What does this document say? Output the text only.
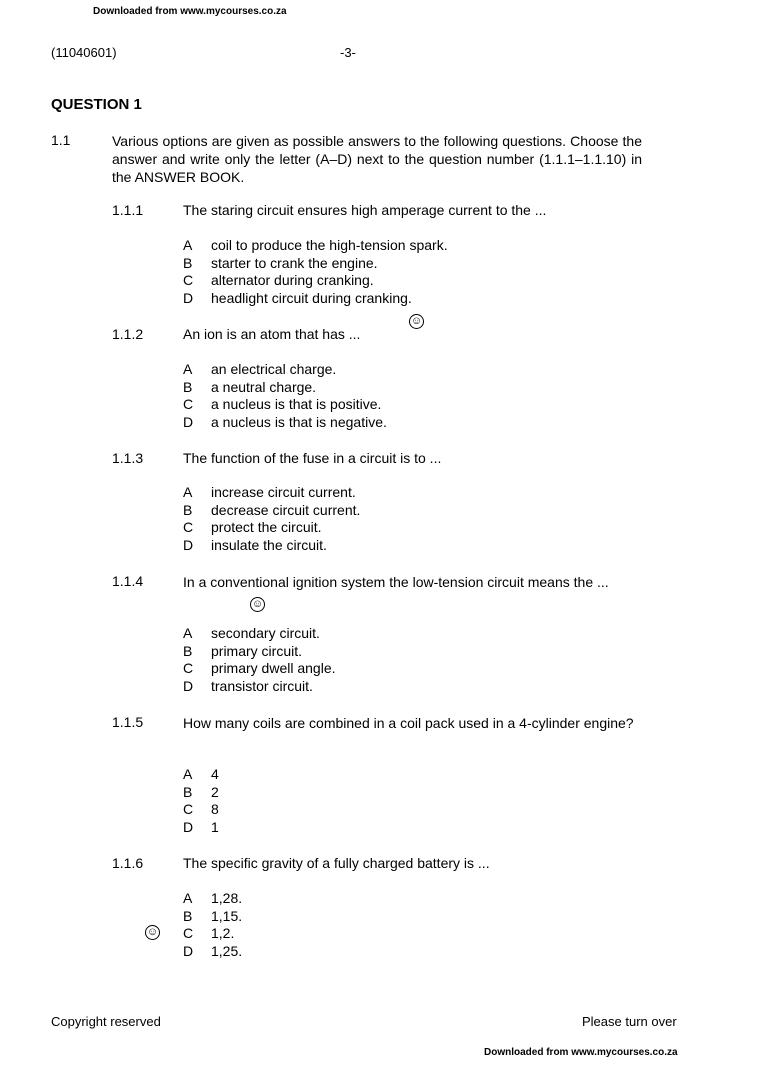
Downloaded from www.mycourses.co.za
(11040601)	-3-
QUESTION 1
1.1	Various options are given as possible answers to the following questions. Choose the answer and write only the letter (A–D) next to the question number (1.1.1–1.1.10) in the ANSWER BOOK.
1.1.1	The staring circuit ensures high amperage current to the ...
A	coil to produce the high-tension spark.
B	starter to crank the engine.
C	alternator during cranking.
D	headlight circuit during cranking.
1.1.2	An ion is an atom that has ...
☺
A	an electrical charge.
B	a neutral charge.
C	a nucleus is that is positive.
D	a nucleus is that is negative.
1.1.3	The function of the fuse in a circuit is to ...
A	increase circuit current.
B	decrease circuit current.
C	protect the circuit.
D	insulate the circuit.
1.1.4	In a conventional ignition system the low-tension circuit means the ...
☺
A	secondary circuit.
B	primary circuit.
C	primary dwell angle.
D	transistor circuit.
1.1.5	How many coils are combined in a coil pack used in a 4-cylinder engine?
A	4
B	2
C	8
D	1
1.1.6	The specific gravity of a fully charged battery is ...
☺
A	1,28.
B	1,15.
C	1,2.
D	1,25.
Copyright reserved	Please turn over
Downloaded from www.mycourses.co.za
